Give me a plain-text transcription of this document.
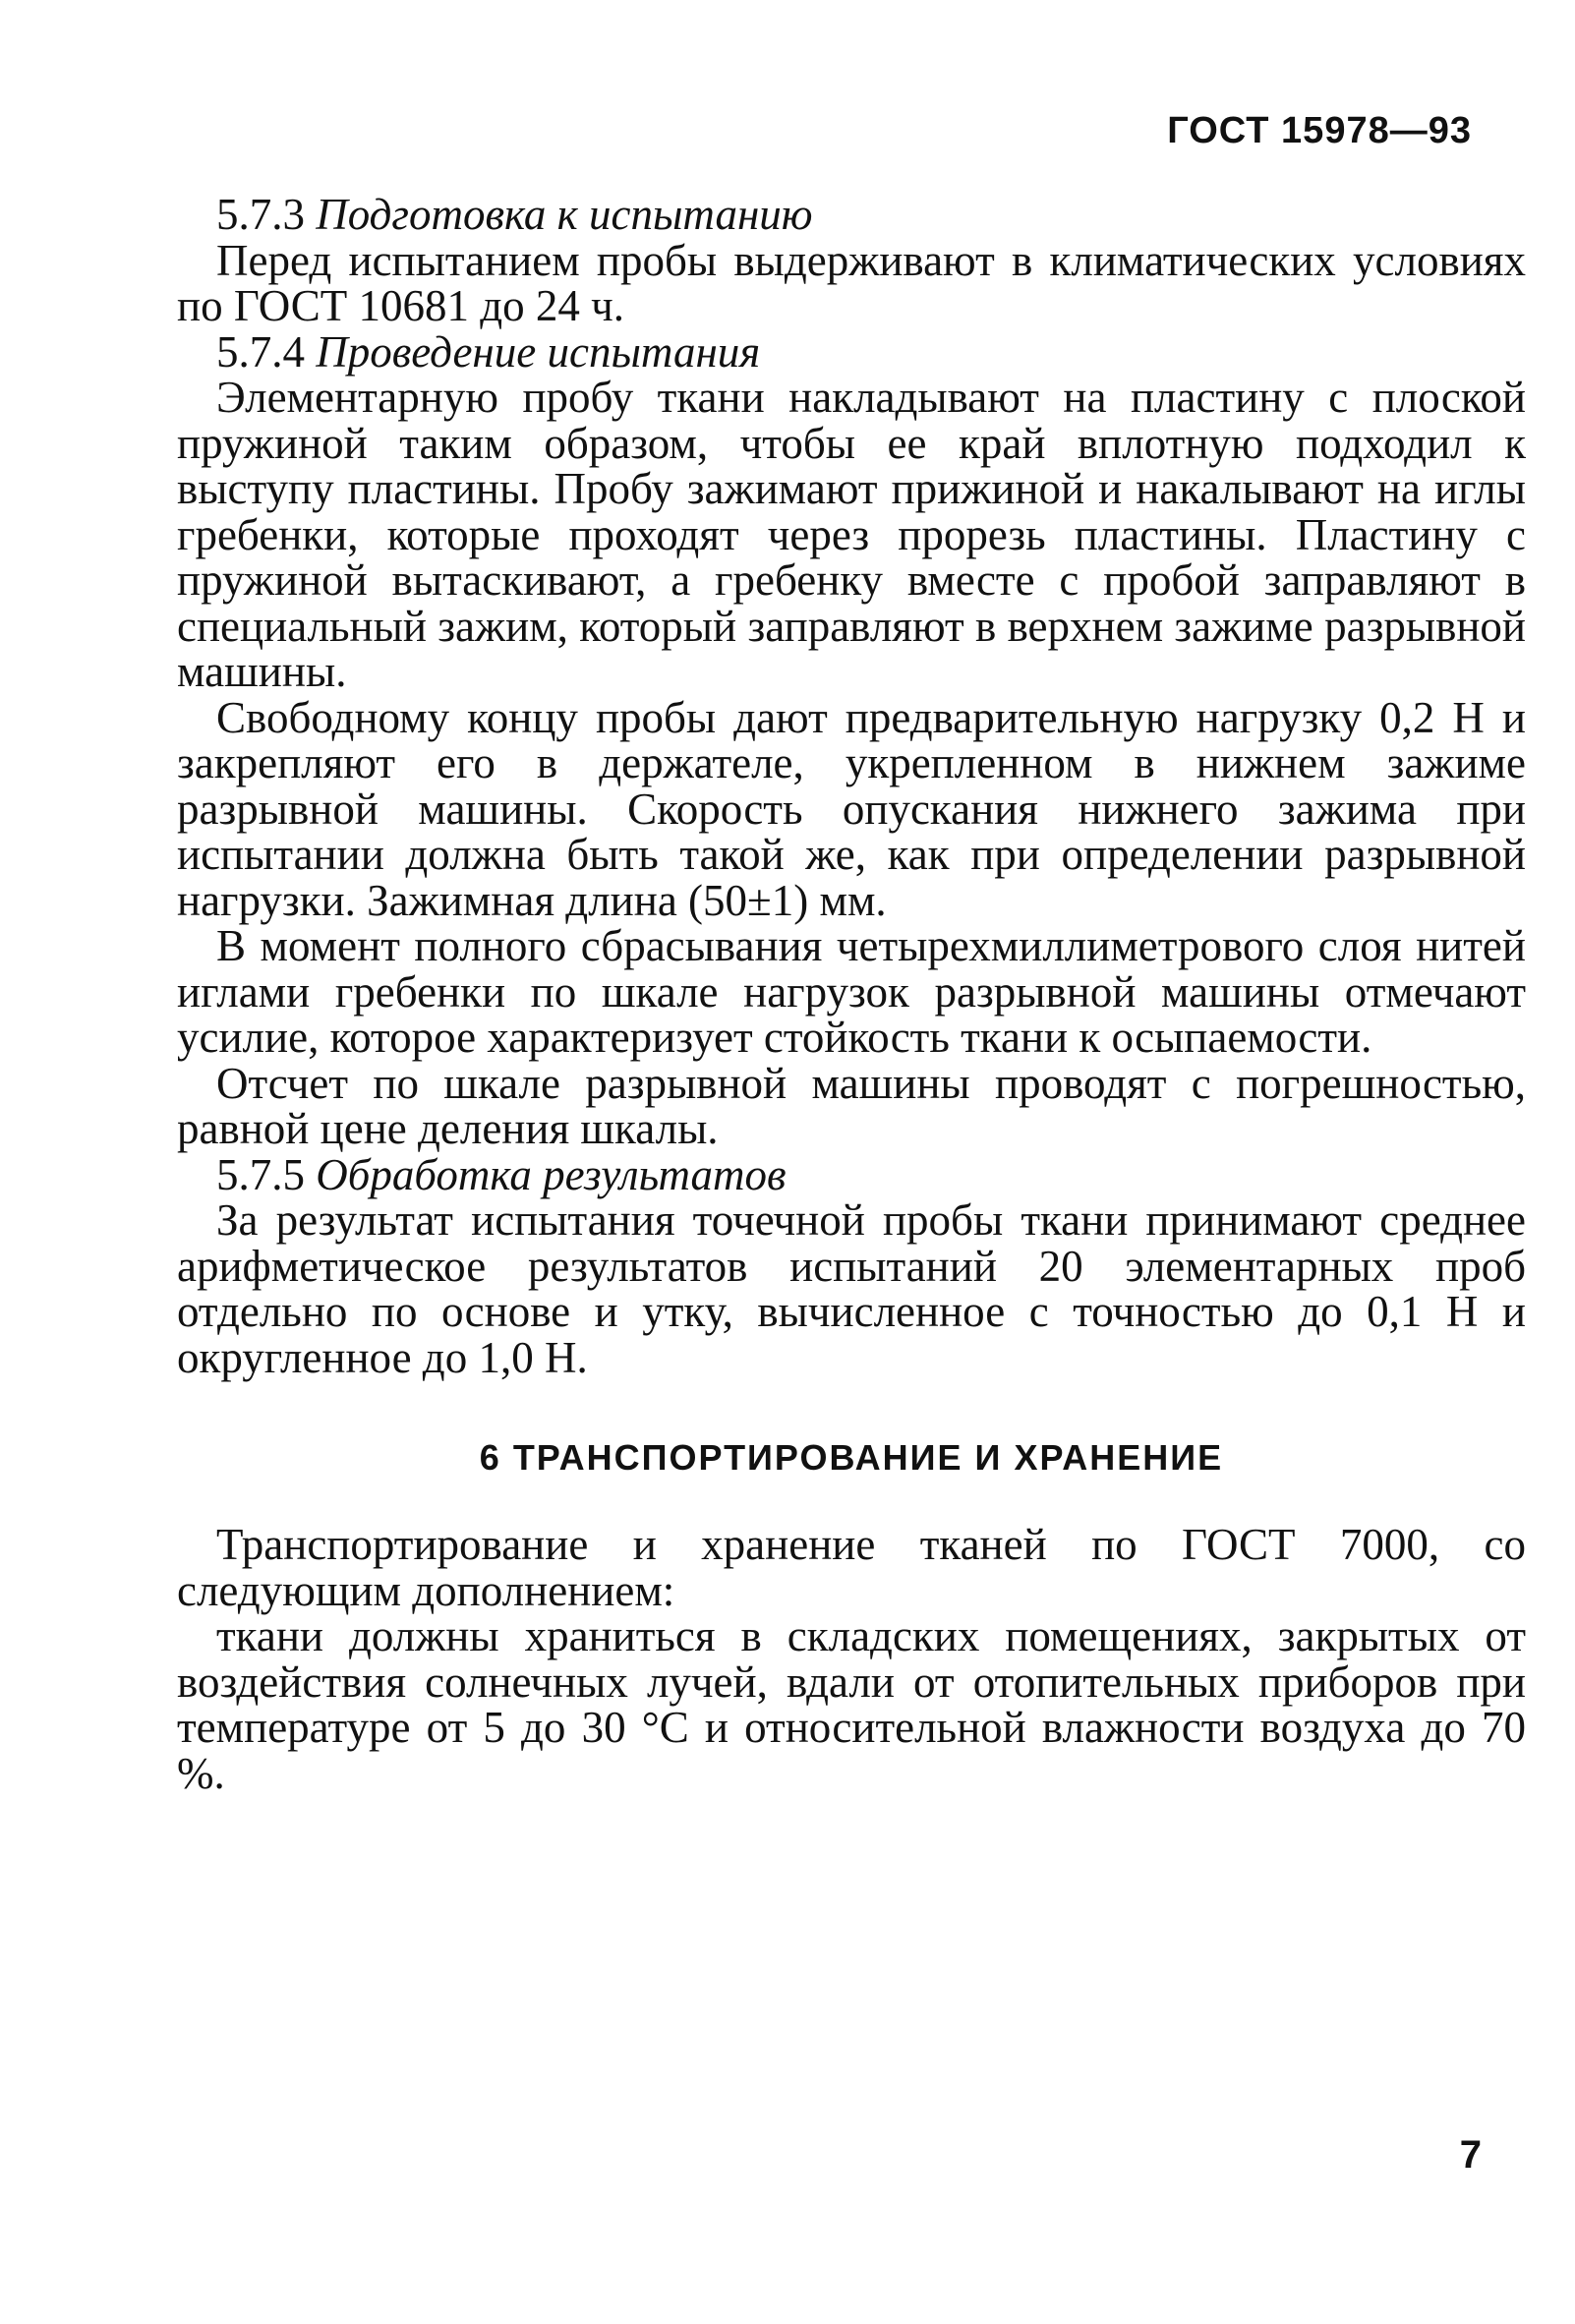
ГОСТ 15978—93

5.7.3 Подготовка к испытанию

Перед испытанием пробы выдерживают в климатических условиях по ГОСТ 10681 до 24 ч.

5.7.4 Проведение испытания

Элементарную пробу ткани накладывают на пластину с плоской пружиной таким образом, чтобы ее край вплотную подходил к выступу пластины. Пробу зажимают прижиной и накалывают на иглы гребенки, которые проходят через прорезь пластины. Пластину с пружиной вытаскивают, а гребенку вместе с пробой заправляют в специальный зажим, который заправляют в верхнем зажиме разрывной машины.

Свободному концу пробы дают предварительную нагрузку 0,2 Н и закрепляют его в держателе, укрепленном в нижнем зажиме разрывной машины. Скорость опускания нижнего зажима при испытании должна быть такой же, как при определении разрывной нагрузки. Зажимная длина (50±1) мм.

В момент полного сбрасывания четырехмиллиметрового слоя нитей иглами гребенки по шкале нагрузок разрывной машины отмечают усилие, которое характеризует стойкость ткани к осыпаемости.

Отсчет по шкале разрывной машины проводят с погрешностью, равной цене деления шкалы.

5.7.5 Обработка результатов

За результат испытания точечной пробы ткани принимают среднее арифметическое результатов испытаний 20 элементарных проб отдельно по основе и утку, вычисленное с точностью до 0,1 Н и округленное до 1,0 Н.

6 ТРАНСПОРТИРОВАНИЕ И ХРАНЕНИЕ

Транспортирование и хранение тканей по ГОСТ 7000, со следующим дополнением:

ткани должны храниться в складских помещениях, закрытых от воздействия солнечных лучей, вдали от отопительных приборов при температуре от 5 до 30 °С и относительной влажности воздуха до 70 %.

7
